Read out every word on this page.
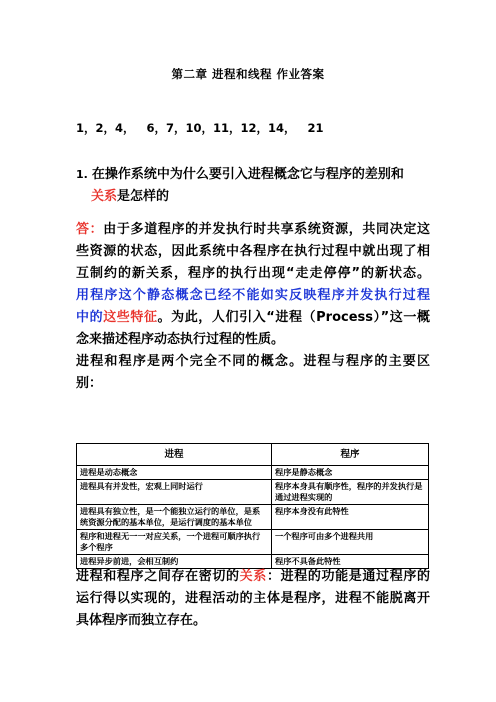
第二章 进程和线程 作业答案
1，2，4，  6，7，10，11，12，14，  21
1. 在操作系统中为什么要引入进程概念它与程序的差别和
关系是怎样的
答：由于多道程序的并发执行时共享系统资源，共同决定这
些资源的状态，因此系统中各程序在执行过程中就出现了相
互制约的新关系，程序的执行出现“走走停停”的新状态。
用程序这个静态概念已经不能如实反映程序并发执行过程
中的这些特征。为此，人们引入“进程（Process）”这一概
念来描述程序动态执行过程的性质。
进程和程序是两个完全不同的概念。进程与程序的主要区
别：
进程	程序
进程是动态概念	程序是静态概念
进程具有并发性，宏观上同时运行	程序本身具有顺序性，程序的并发执行是通过进程实现的
进程具有独立性，是一个能独立运行的单位，是系统资源分配的基本单位，是运行调度的基本单位	程序本身没有此特性
程序和进程无一一对应关系，一个进程可顺序执行多个程序	一个程序可由多个进程共用
进程异步前进，会相互制约	程序不具备此特性
进程和程序之间存在密切的关系：进程的功能是通过程序的
运行得以实现的，进程活动的主体是程序，进程不能脱离开
具体程序而独立存在。
